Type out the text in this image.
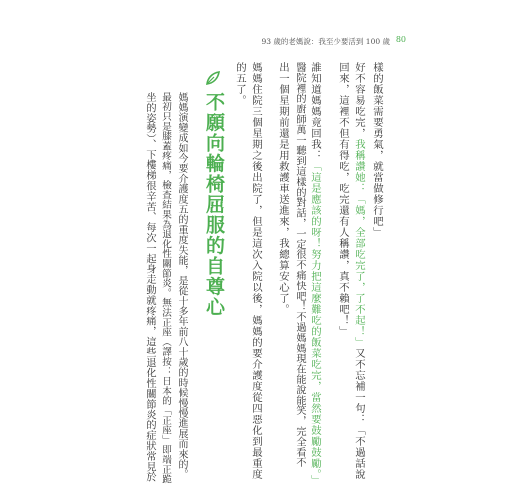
93 歲的老媽說：我至少要活到 100 歲 80
樣的飯菜需要勇氣，就當做修行吧」
好不容易吃完，我稱讚她：「媽，全部吃完了，了不起！」又不忘補一句：「不過話說
回來，這裡不但有得吃，吃完還有人稱讚，真不賴吧！」
誰知道媽媽竟回我：「這是應該的呀！努力把這麼難吃的飯菜吃完，當然要鼓勵鼓勵。」
醫院裡的廚師萬一聽到這樣的對話，一定很不痛快吧！不過媽媽現在能說能笑，完全看不
出一個星期前還是用救護車送進來，我總算安心了。
媽媽住院三個星期之後出院了，但是這次入院以後，媽媽的要介護度從四惡化到最重度
的五了。
不願向輪椅屈服的自尊心
媽媽演變成如今要介護度五的重度失能，是從十多年前八十歲的時候慢慢進展而來的。
最初只是膝蓋疼痛，檢查結果為退化性關節炎。無法正座（譯按：日本的「正座」即端正跪
坐的姿勢）、下樓梯很辛苦、每次一起身走動就疼痛，這些退化性關節炎的症狀常見於
